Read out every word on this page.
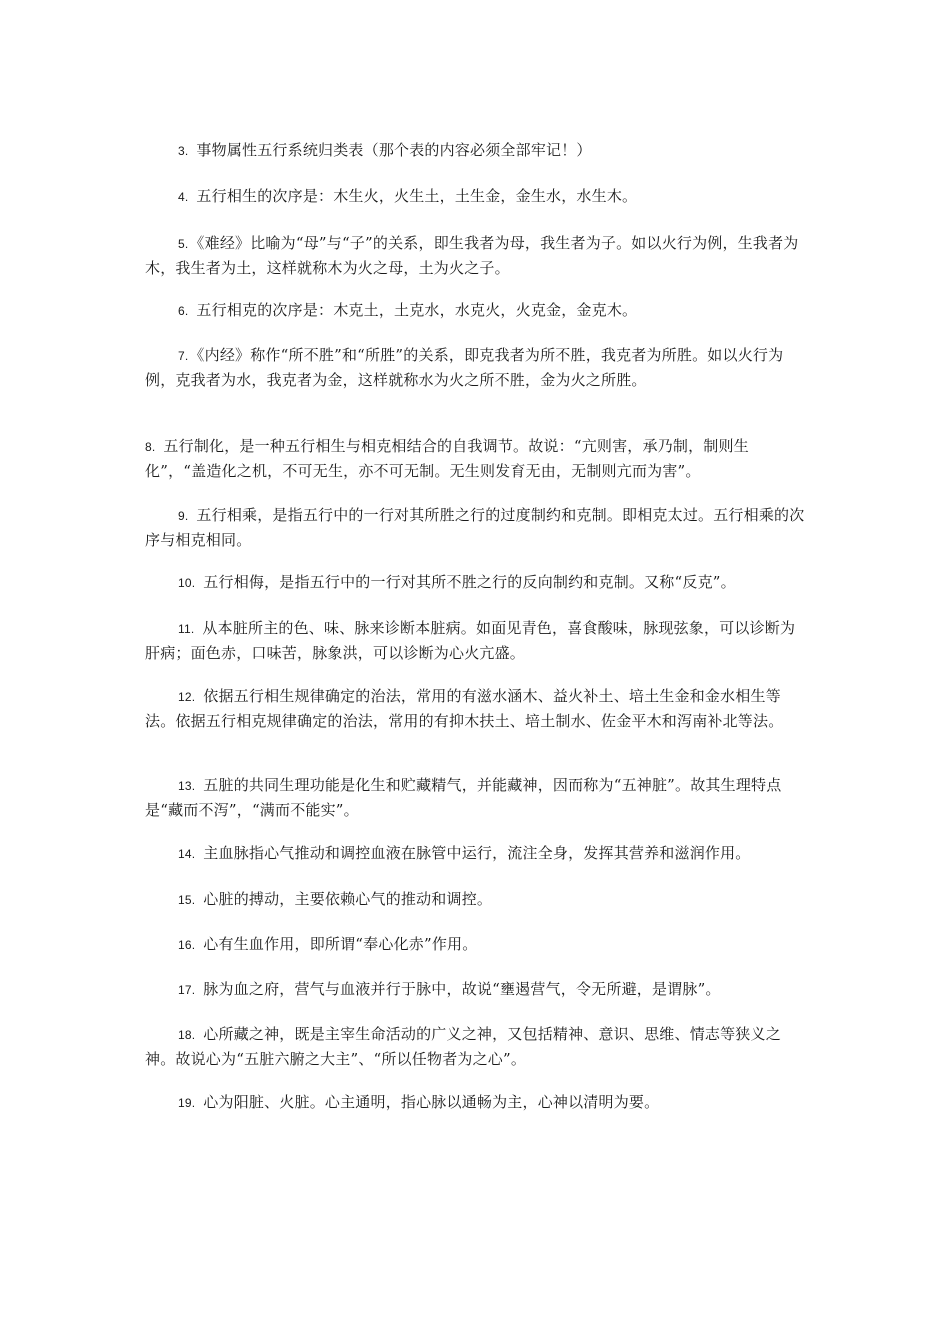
3. 事物属性五行系统归类表（那个表的内容必须全部牢记！）

4. 五行相生的次序是：木生火，火生土，土生金，金生水，水生木。

5.《难经》比喻为“母”与“子”的关系，即生我者为母，我生者为子。如以火行为例，生我者为木，我生者为土，这样就称木为火之母，土为火之子。

6. 五行相克的次序是：木克土，土克水，水克火，火克金，金克木。

7.《内经》称作“所不胜”和“所胜”的关系，即克我者为所不胜，我克者为所胜。如以火行为例，克我者为水，我克者为金，这样就称水为火之所不胜，金为火之所胜。

8. 五行制化，是一种五行相生与相克相结合的自我调节。故说：“亢则害，承乃制，制则生化”，“盖造化之机，不可无生，亦不可无制。无生则发育无由，无制则亢而为害”。

9. 五行相乘，是指五行中的一行对其所胜之行的过度制约和克制。即相克太过。五行相乘的次序与相克相同。

10. 五行相侮，是指五行中的一行对其所不胜之行的反向制约和克制。又称“反克”。

11. 从本脏所主的色、味、脉来诊断本脏病。如面见青色，喜食酸味，脉现弦象，可以诊断为肝病；面色赤，口味苦，脉象洪，可以诊断为心火亢盛。

12. 依据五行相生规律确定的治法，常用的有滋水涵木、益火补土、培土生金和金水相生等法。依据五行相克规律确定的治法，常用的有抑木扶土、培土制水、佐金平木和泻南补北等法。

13. 五脏的共同生理功能是化生和贮藏精气，并能藏神，因而称为“五神脏”。故其生理特点是“藏而不泻”，“满而不能实”。

14. 主血脉指心气推动和调控血液在脉管中运行，流注全身，发挥其营养和滋润作用。

15. 心脏的搏动，主要依赖心气的推动和调控。

16. 心有生血作用，即所谓“奉心化赤”作用。

17. 脉为血之府，营气与血液并行于脉中，故说“壅遏营气，令无所避，是谓脉”。

18. 心所藏之神，既是主宰生命活动的广义之神，又包括精神、意识、思维、情志等狭义之神。故说心为“五脏六腑之大主”、“所以任物者为之心”。

19. 心为阳脏、火脏。心主通明，指心脉以通畅为主，心神以清明为要。
